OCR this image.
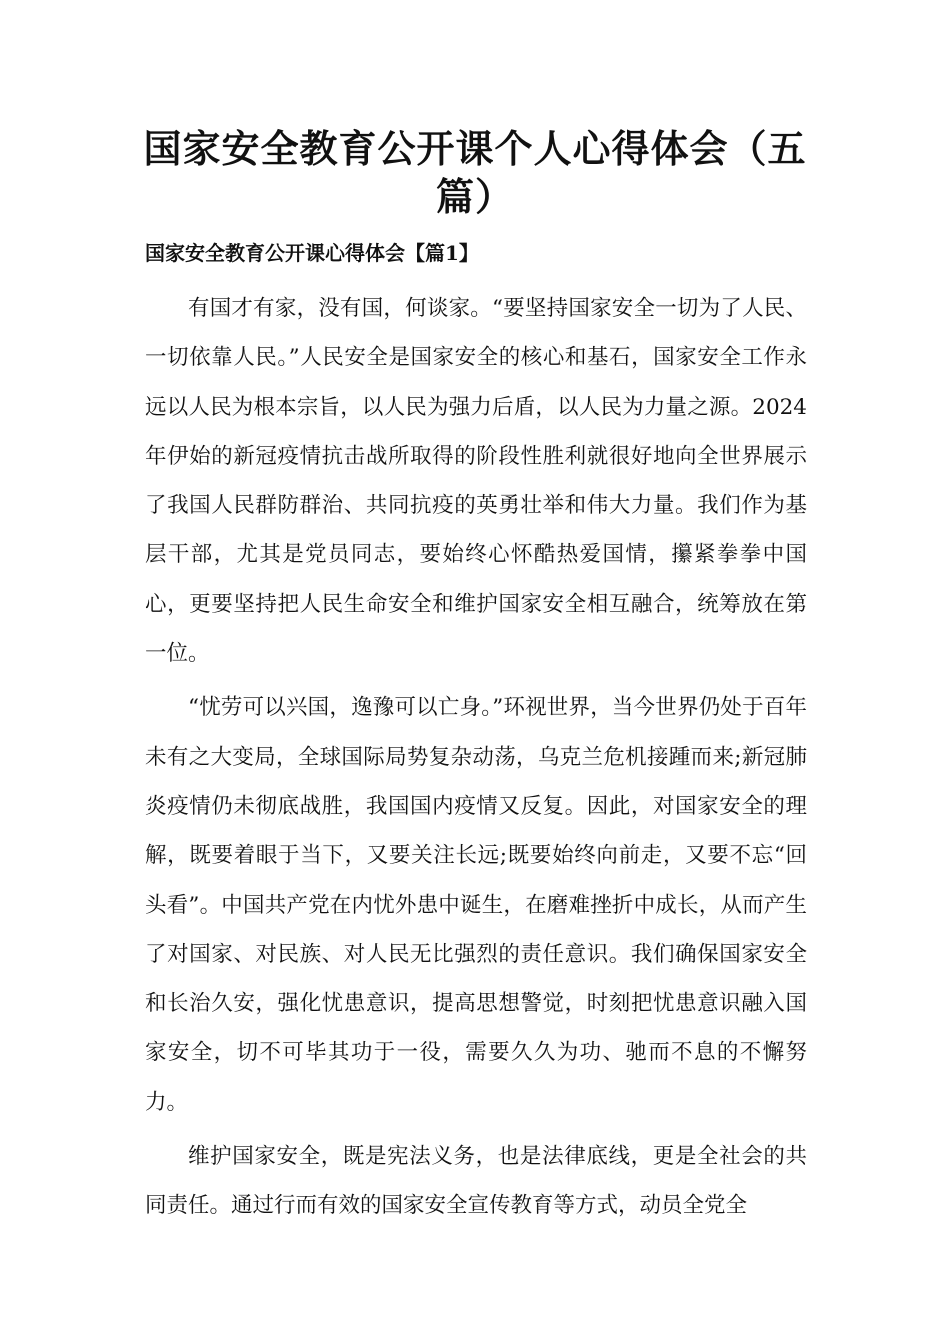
国家安全教育公开课个人心得体会（五篇）
国家安全教育公开课心得体会【篇1】

有国才有家，没有国，何谈家。“要坚持国家安全一切为了人民、一切依靠人民。”人民安全是国家安全的核心和基石，国家安全工作永远以人民为根本宗旨，以人民为强力后盾，以人民为力量之源。2024年伊始的新冠疫情抗击战所取得的阶段性胜利就很好地向全世界展示了我国人民群防群治、共同抗疫的英勇壮举和伟大力量。我们作为基层干部，尤其是党员同志，要始终心怀酷热爱国情，攥紧拳拳中国心，更要坚持把人民生命安全和维护国家安全相互融合，统筹放在第一位。

“忧劳可以兴国，逸豫可以亡身。”环视世界，当今世界仍处于百年未有之大变局，全球国际局势复杂动荡，乌克兰危机接踵而来;新冠肺炎疫情仍未彻底战胜，我国国内疫情又反复。因此，对国家安全的理解，既要着眼于当下，又要关注长远;既要始终向前走，又要不忘“回头看”。中国共产党在内忧外患中诞生，在磨难挫折中成长，从而产生了对国家、对民族、对人民无比强烈的责任意识。我们确保国家安全和长治久安，强化忧患意识，提高思想警觉，时刻把忧患意识融入国家安全，切不可毕其功于一役，需要久久为功、驰而不息的不懈努力。

维护国家安全，既是宪法义务，也是法律底线，更是全社会的共同责任。通过行而有效的国家安全宣传教育等方式，动员全党全
